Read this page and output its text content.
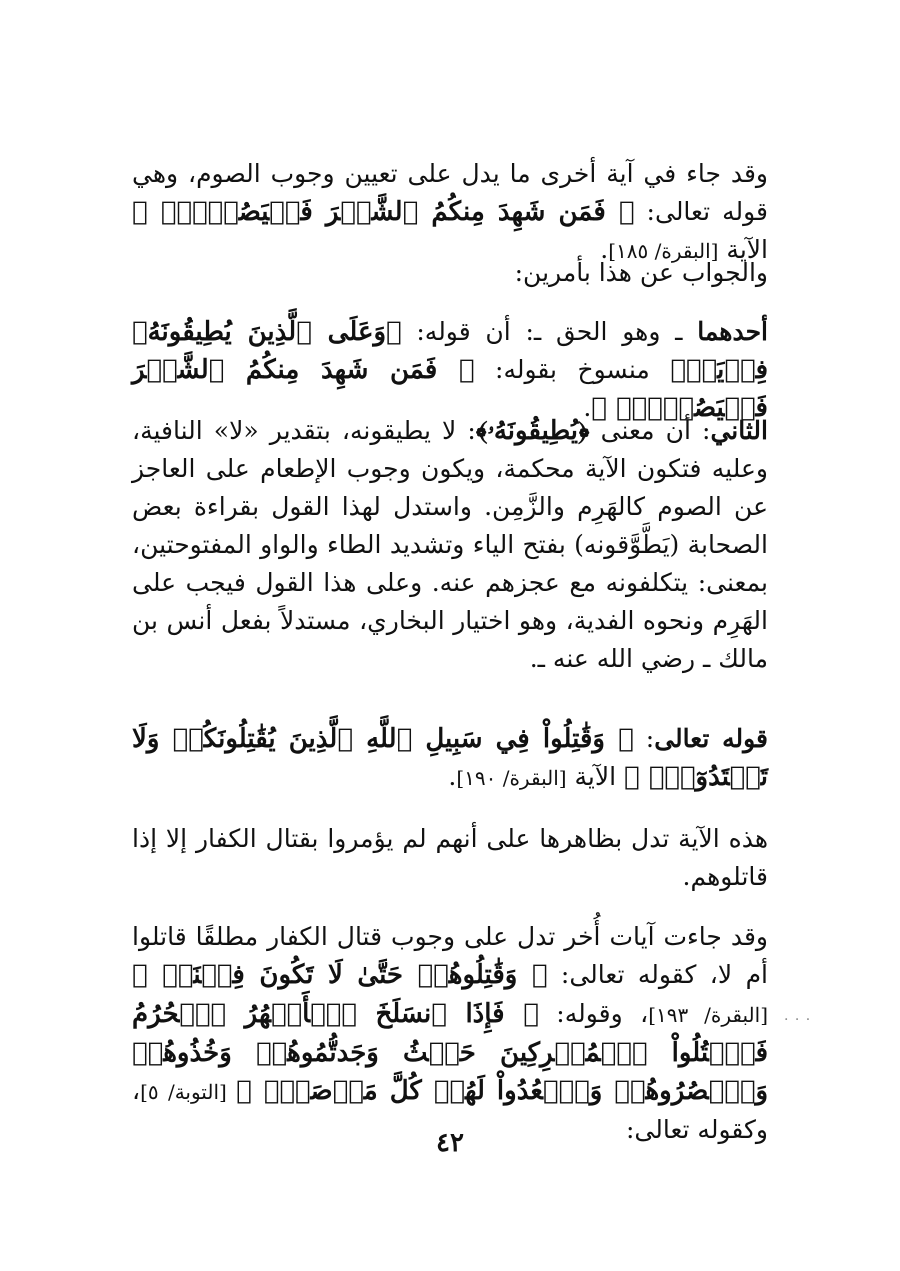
وقد جاء في آية أخرى ما يدل على تعيين وجوب الصوم، وهي قوله تعالى: ﴿ فَمَن شَهِدَ مِنكُمُ ٱلشَّهۡرَ فَلۡيَصُمۡهُۖ ﴾ الآية [البقرة/ ١٨٥].

والجواب عن هذا بأمرين:

أحدهما ـ وهو الحق ـ: أن قوله: ﴿وَعَلَى ٱلَّذِينَ يُطِيقُونَهُۥ فِدۡيَةٞ﴾ منسوخ بقوله: ﴿ فَمَن شَهِدَ مِنكُمُ ٱلشَّهۡرَ فَلۡيَصُمۡهُۖ ﴾.

الثاني: أن معنى ﴿يُطِيقُونَهُۥ﴾: لا يطيقونه، بتقدير «لا» النافية، وعليه فتكون الآية محكمة، ويكون وجوب الإطعام على العاجز عن الصوم كالهَرِم والزَّمِن. واستدل لهذا القول بقراءة بعض الصحابة (يَطَّوَّقونه) بفتح الياء وتشديد الطاء والواو المفتوحتين، بمعنى: يتكلفونه مع عجزهم عنه. وعلى هذا القول فيجب على الهَرِم ونحوه الفدية، وهو اختيار البخاري، مستدلاً بفعل أنس بن مالك ـ رضي الله عنه ـ.

قوله تعالى: ﴿ وَقَٰتِلُواْ فِي سَبِيلِ ٱللَّهِ ٱلَّذِينَ يُقَٰتِلُونَكُمۡ وَلَا تَعۡتَدُوٓاْۚ ﴾ الآية [البقرة/ ١٩٠].

هذه الآية تدل بظاهرها على أنهم لم يؤمروا بقتال الكفار إلا إذا قاتلوهم.

وقد جاءت آيات أُخر تدل على وجوب قتال الكفار مطلقًا قاتلوا أم لا، كقوله تعالى: ﴿ وَقَٰتِلُوهُمۡ حَتَّىٰ لَا تَكُونَ فِتۡنَةٞ ﴾ [البقرة/ ١٩٣]، وقوله: ﴿ فَإِذَا ٱنسَلَخَ ٱلۡأَشۡهُرُ ٱلۡحُرُمُ فَٱقۡتُلُواْ ٱلۡمُشۡرِكِينَ حَيۡثُ وَجَدتُّمُوهُمۡ وَخُذُوهُمۡ وَٱحۡصُرُوهُمۡ وَٱقۡعُدُواْ لَهُمۡ كُلَّ مَرۡصَدٖۚ ﴾ [التوبة/ ٥]، وكقوله تعالى:

· · ·
٤٢
